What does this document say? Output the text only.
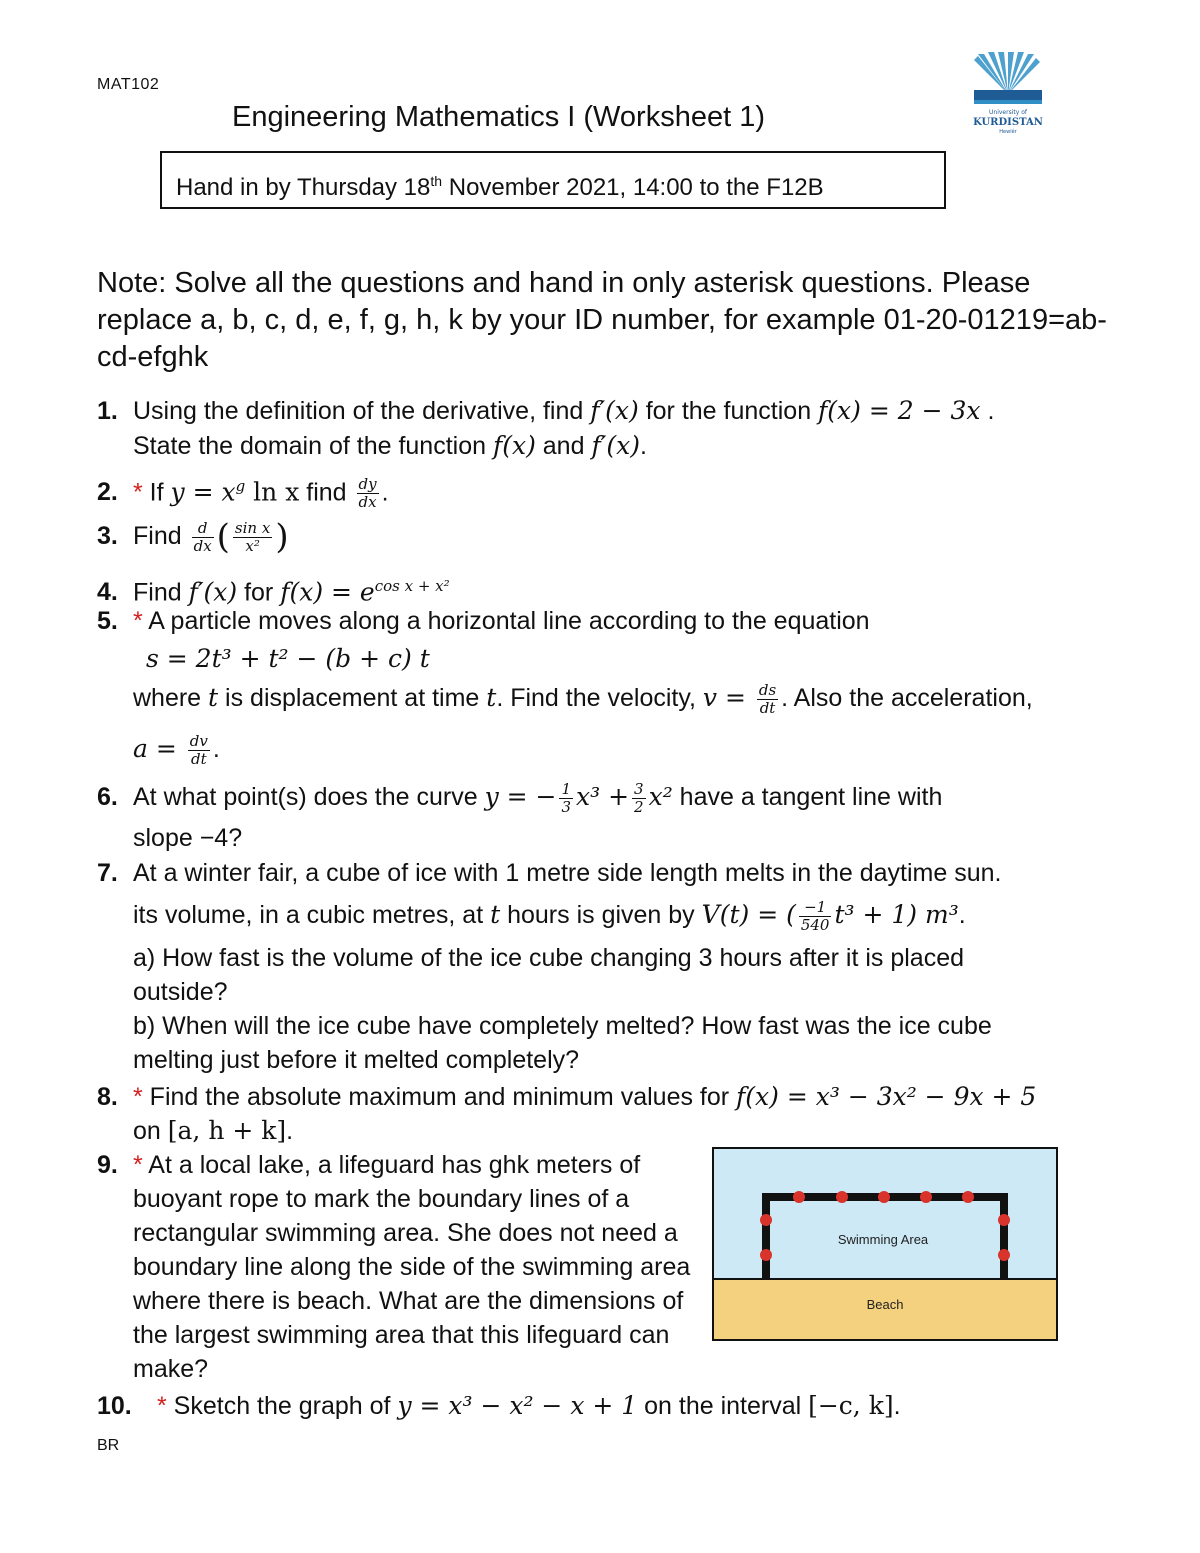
MAT102
Engineering Mathematics I (Worksheet 1)	University of
KURDISTAN
Hewlêr
Hand in by Thursday 18th November 2021, 14:00 to the F12B
Note: Solve all the questions and hand in only asterisk questions. Please replace a, b, c, d, e, f, g, h, k by your ID number, for example 01-20-01219=ab-cd-efghk
1. Using the definition of the derivative, find f′(x) for the function f(x) = 2 − 3x .
State the domain of the function f(x) and f′(x).
2. * If $y = x^g$ ln x find $\frac{dy}{dx}$ .
3. Find $\frac{d}{dx}$ ( $\frac{\text{sin x}}{\text{x²}}$ )
4. Find f′(x) for $f(x) = e^{cos x + x^2}$
5. * A particle moves along a horizontal line according to the equation
s = 2t³ + t² − (b + c) t
where t is displacement at time t. Find the velocity, $v = \frac{ds}{dt}$ . Also the acceleration,
$a = \frac{dv}{dt}$ .
6. At what point(s) does the curve y = − $\frac{1}{3} x^3 + \frac{3}{2} x^2$ have a tangent line with
slope −4?
7. At a winter fair, a cube of ice with 1 metre side length melts in the daytime sun.
its volume, in a cubic metres, at t hours is given by V(t) = ( $\frac{-1}{540} t^3 + 1$) m³.
a) How fast is the volume of the ice cube changing 3 hours after it is placed
outside?
b) When will the ice cube have completely melted? How fast was the ice cube
melting just before it melted completely?
8. * Find the absolute maximum and minimum values for f(x) = x³ − 3x² − 9x + 5
on [a, h + k].
9. * At a local lake, a lifeguard has ghk meters of buoyant rope to mark the boundary lines of a rectangular swimming area. She does not need a boundary line along the side of the swimming area where there is beach. What are the dimensions of the largest swimming area that this lifeguard can make?
Swimming Area
Beach
10. * Sketch the graph of y = x³ − x² − x + 1 on the interval [−c, k].
BR
